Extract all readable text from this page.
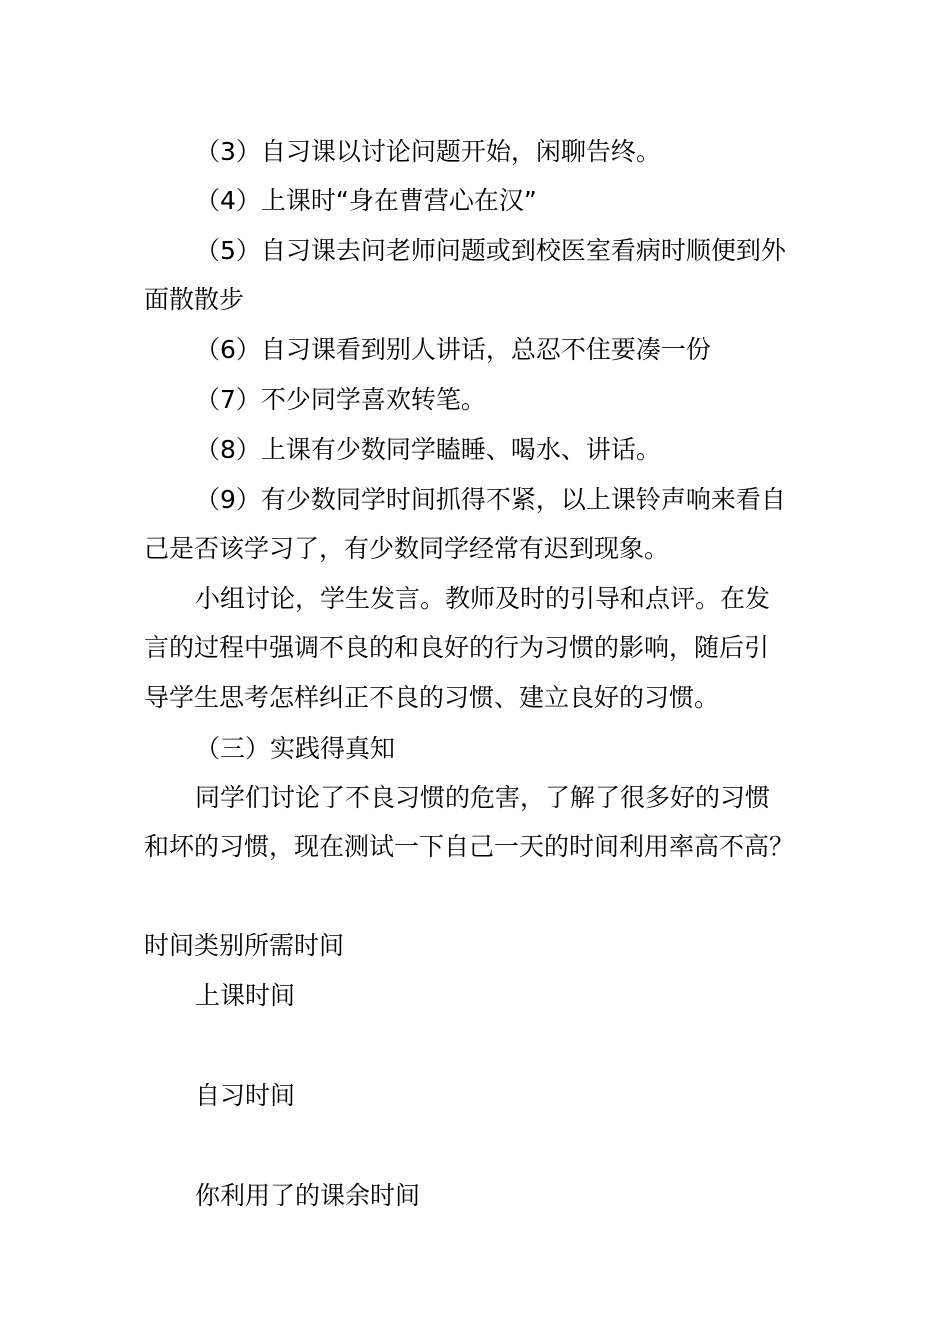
（3）自习课以讨论问题开始，闲聊告终。
（4）上课时“身在曹营心在汉”
（5）自习课去问老师问题或到校医室看病时顺便到外
面散散步
（6）自习课看到别人讲话，总忍不住要凑一份
（7）不少同学喜欢转笔。
（8）上课有少数同学瞌睡、喝水、讲话。
（9）有少数同学时间抓得不紧，以上课铃声响来看自
己是否该学习了，有少数同学经常有迟到现象。
小组讨论，学生发言。教师及时的引导和点评。在发
言的过程中强调不良的和良好的行为习惯的影响，随后引
导学生思考怎样纠正不良的习惯、建立良好的习惯。
（三）实践得真知
同学们讨论了不良习惯的危害，了解了很多好的习惯
和坏的习惯，现在测试一下自己一天的时间利用率高不高？
时间类别所需时间
上课时间
自习时间
你利用了的课余时间
